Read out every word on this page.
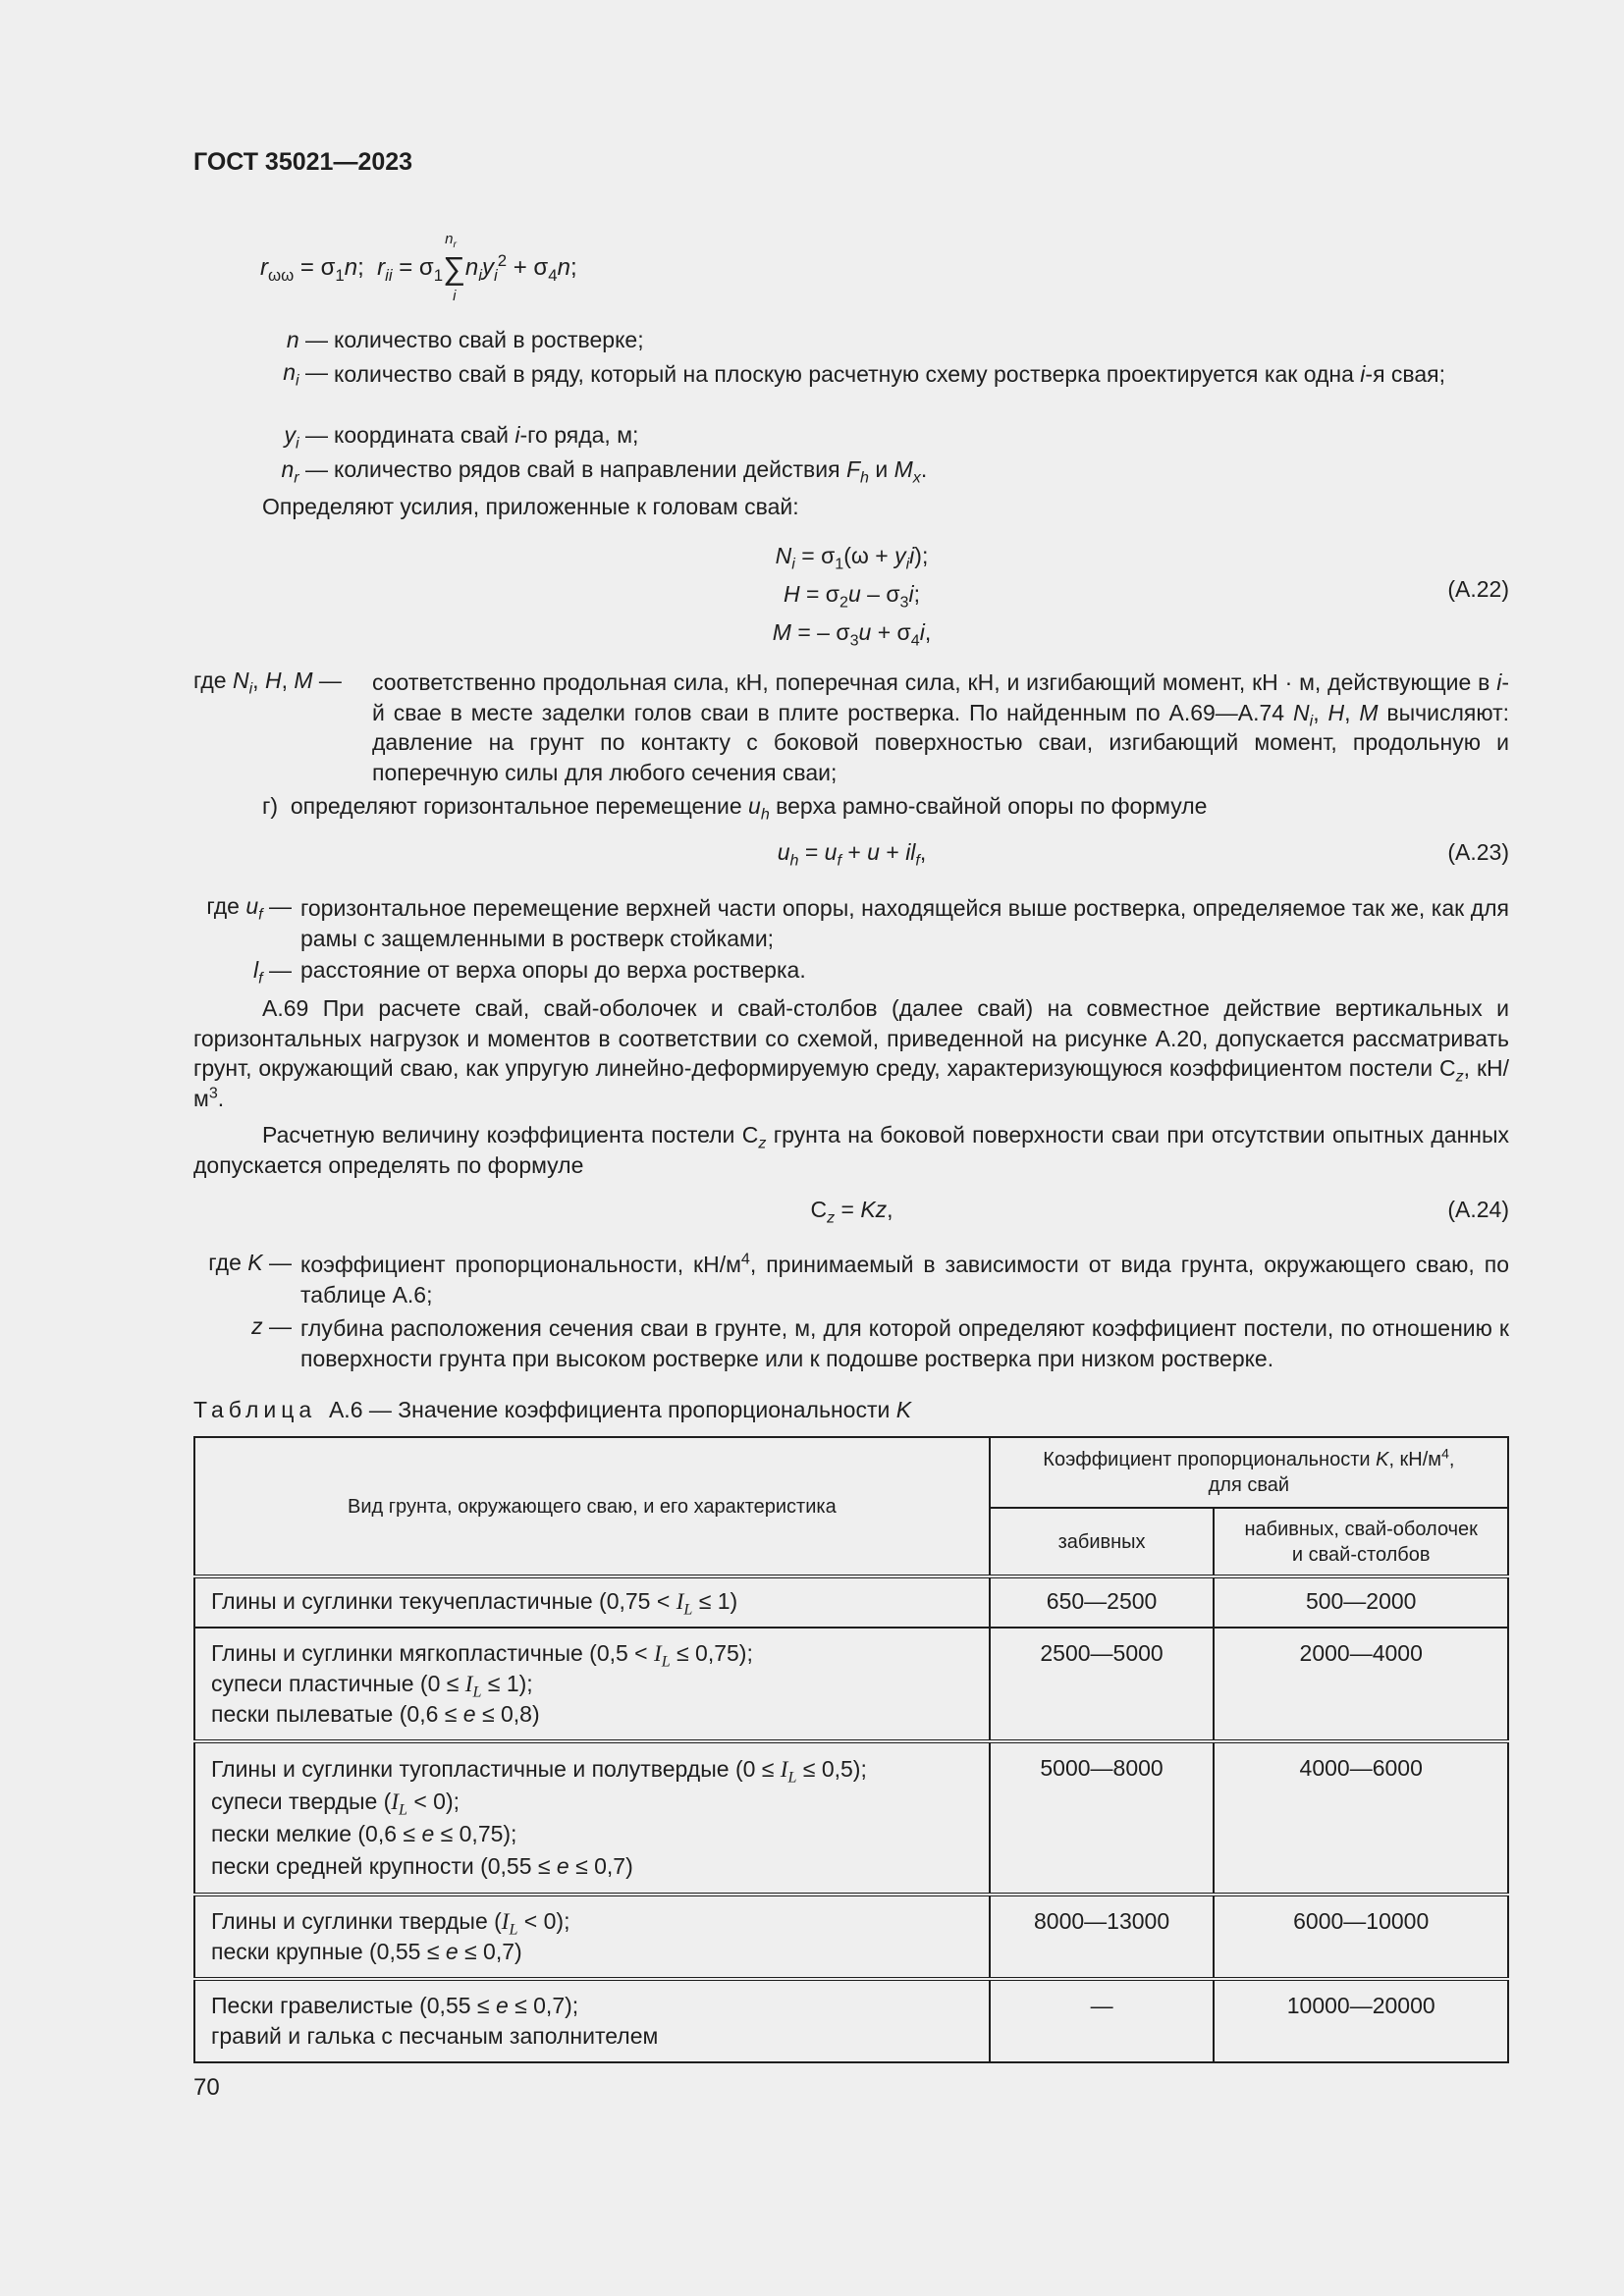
ГОСТ 35021—2023
$r_{\omega\omega} = \sigma_1n$;  $r_{ii} = \sigma_1\sum$
$n_r$
i
$n_iy_i^2 + \sigma_4n$;
n — количество свай в ростверке;
$n_i$ — количество свай в ряду, который на плоскую расчетную схему ростверка проектируется как одна i-я свая;
$y_i$ — координата свай i-го ряда, м;
$n_r$ — количество рядов свай в направлении действия $F_h$ и $M_x$.
Определяют усилия, приложенные к головам свай:
$N_i = \sigma_1(\omega + y_ii)$;
$H = \sigma_2u - \sigma_3i$;
M = – $\sigma_3u + \sigma_4i$,
(А.22)
где $N_i$, H, M — соответственно продольная сила, кН, поперечная сила, кН, и изгибающий момент, кН · м, действующие в i-й свае в месте заделки голов сваи в плите ростверка. По найденным по А.69—А.74 $N_i$, H, M вычисляют: давление на грунт по контакту с боковой поверхностью сваи, изгибающий момент, продольную и поперечную силы для любого сечения сваи;
г)  определяют горизонтальное перемещение $u_h$ верха рамно-свайной опоры по формуле
$u_h = u_f + u + il_f$,	(А.23)
где $u_f$ — горизонтальное перемещение верхней части опоры, находящейся выше ростверка, определяемое так же, как для рамы с защемленными в ростверк стойками;
$l_f$ — расстояние от верха опоры до верха ростверка.
А.69 При расчете свай, свай-оболочек и свай-столбов (далее свай) на совместное действие вертикальных и горизонтальных нагрузок и моментов в соответствии со схемой, приведенной на рисунке А.20, допускается рассматривать грунт, окружающий сваю, как упругую линейно-деформируемую среду, характеризующуюся коэффициентом постели $С_z$, $кН/м^3$.
Расчетную величину коэффициента постели $С_z$ грунта на боковой поверхности сваи при отсутствии опытных данных допускается определять по формуле
$С_z = Kz$,	(А.24)
где K — коэффициент пропорциональности, $кН/м^4$, принимаемый в зависимости от вида грунта, окружающего сваю, по таблице А.6;
z — глубина расположения сечения сваи в грунте, м, для которой определяют коэффициент постели, по отношению к поверхности грунта при высоком ростверке или к подошве ростверка при низком ростверке.
Таблица  А.6 — Значение коэффициента пропорциональности K
Вид грунта, окружающего сваю, и его характеристика	Коэффициент пропорциональности K, $кН/м^4$,
для свай	
	забивных	набивных, свай-оболочек
и свай-столбов
Глины и суглинки текучепластичные $(0,75 < I_L \le 1)$	650—2500	500—2000
Глины и суглинки мягкопластичные $(0,5 < I_L \le 0,75)$;
супеси пластичные $(0 \le I_L \le 1)$;
пески пылеватые (0,6 ≤ e ≤ 0,8)	2500—5000	2000—4000
Глины и суглинки тугопластичные и полутвердые $(0 \le I_L \le 0,5)$;
супеси твердые $(I_L < 0)$;
пески мелкие (0,6 ≤ e ≤ 0,75);
пески средней крупности (0,55 ≤ e ≤ 0,7)	5000—8000	4000—6000
Глины и суглинки твердые $(I_L < 0)$;
пески крупные (0,55 ≤ e ≤ 0,7)	8000—13000	6000—10000
Пески гравелистые (0,55 ≤ e ≤ 0,7);
гравий и галька с песчаным заполнителем	—	10000—20000
70
